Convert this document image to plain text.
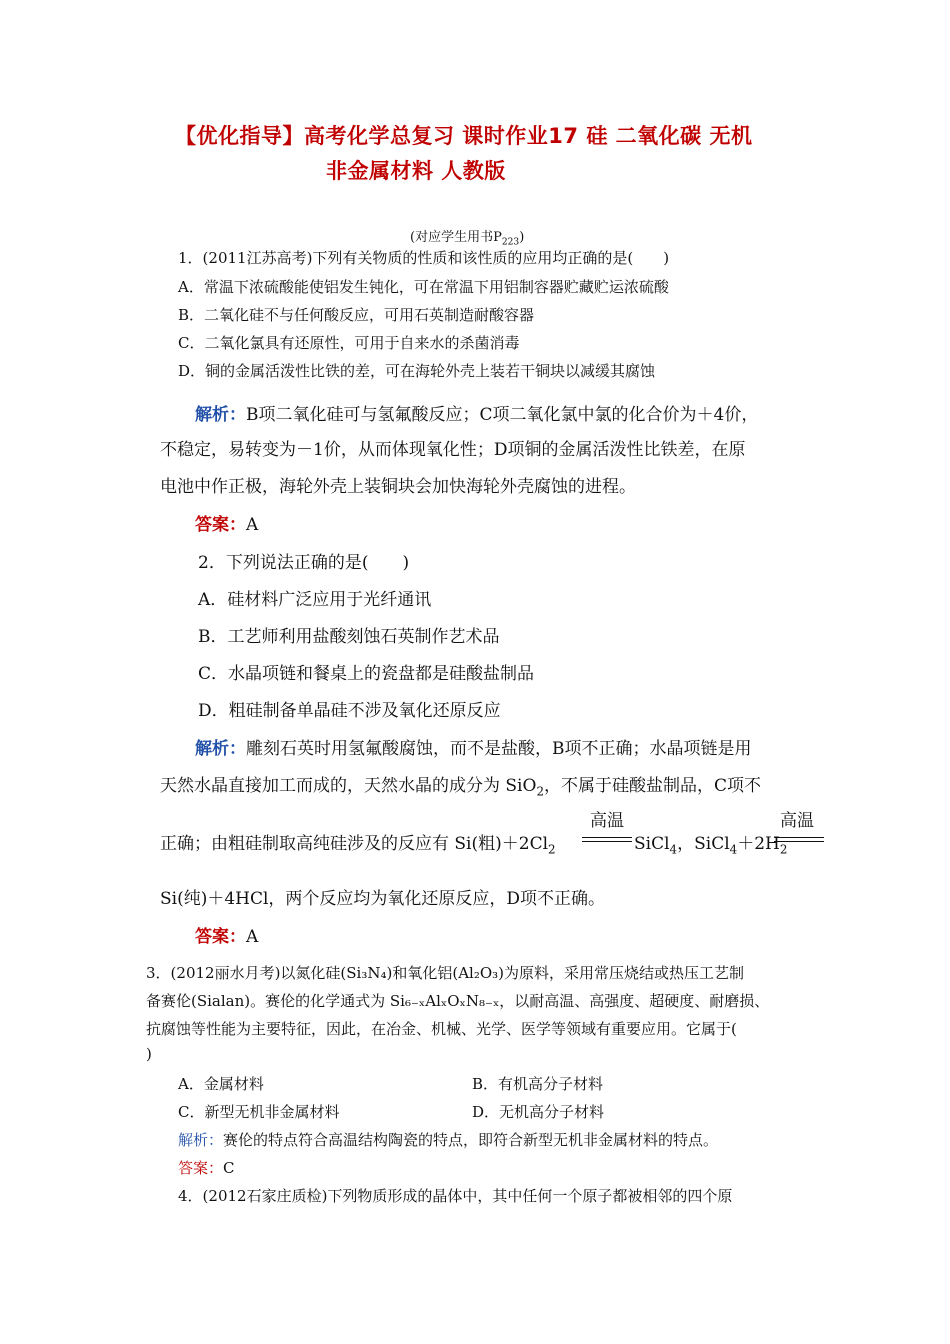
【优化指导】高考化学总复习 课时作业17 硅 二氧化碳 无机
非金属材料 人教版
(对应学生用书$P_{223}$)
1．(2011江苏高考)下列有关物质的性质和该性质的应用均正确的是(　　)
A．常温下浓硫酸能使铝发生钝化，可在常温下用铝制容器贮藏贮运浓硫酸
B．二氧化硅不与任何酸反应，可用石英制造耐酸容器
C．二氧化氯具有还原性，可用于自来水的杀菌消毒
D．铜的金属活泼性比铁的差，可在海轮外壳上装若干铜块以减缓其腐蚀
解析：B项二氧化硅可与氢氟酸反应；C项二氧化氯中氯的化合价为＋4价，
不稳定，易转变为－1价，从而体现氧化性；D项铜的金属活泼性比铁差，在原
电池中作正极，海轮外壳上装铜块会加快海轮外壳腐蚀的进程。
答案：A
2．下列说法正确的是(　　)
A．硅材料广泛应用于光纤通讯
B．工艺师利用盐酸刻蚀石英制作艺术品
C．水晶项链和餐桌上的瓷盘都是硅酸盐制品
D．粗硅制备单晶硅不涉及氧化还原反应
解析：雕刻石英时用氢氟酸腐蚀，而不是盐酸，B项不正确；水晶项链是用
天然水晶直接加工而成的，天然水晶的成分为 SiO$_2$，不属于硅酸盐制品，C项不
正确；由粗硅制取高纯硅涉及的反应有 Si(粗)$+2Cl_2$
高温
SiCl$_4$，$SiCl_4+2H_2$
高温
Si(纯)＋4HCl，两个反应均为氧化还原反应，D项不正确。
答案：A
3．(2012丽水月考)以氮化硅(Si₃N₄)和氧化铝(Al₂O₃)为原料，采用常压烧结或热压工艺制
备赛伦(Sialan)。赛伦的化学通式为 Si₆₋ₓAlₓOₓN₈₋ₓ，以耐高温、高强度、超硬度、耐磨损、
抗腐蚀等性能为主要特征，因此，在冶金、机械、光学、医学等领域有重要应用。它属于(
)
A．金属材料	B．有机高分子材料
C．新型无机非金属材料	D．无机高分子材料
解析：赛伦的特点符合高温结构陶瓷的特点，即符合新型无机非金属材料的特点。
答案：C
4．(2012石家庄质检)下列物质形成的晶体中，其中任何一个原子都被相邻的四个原
